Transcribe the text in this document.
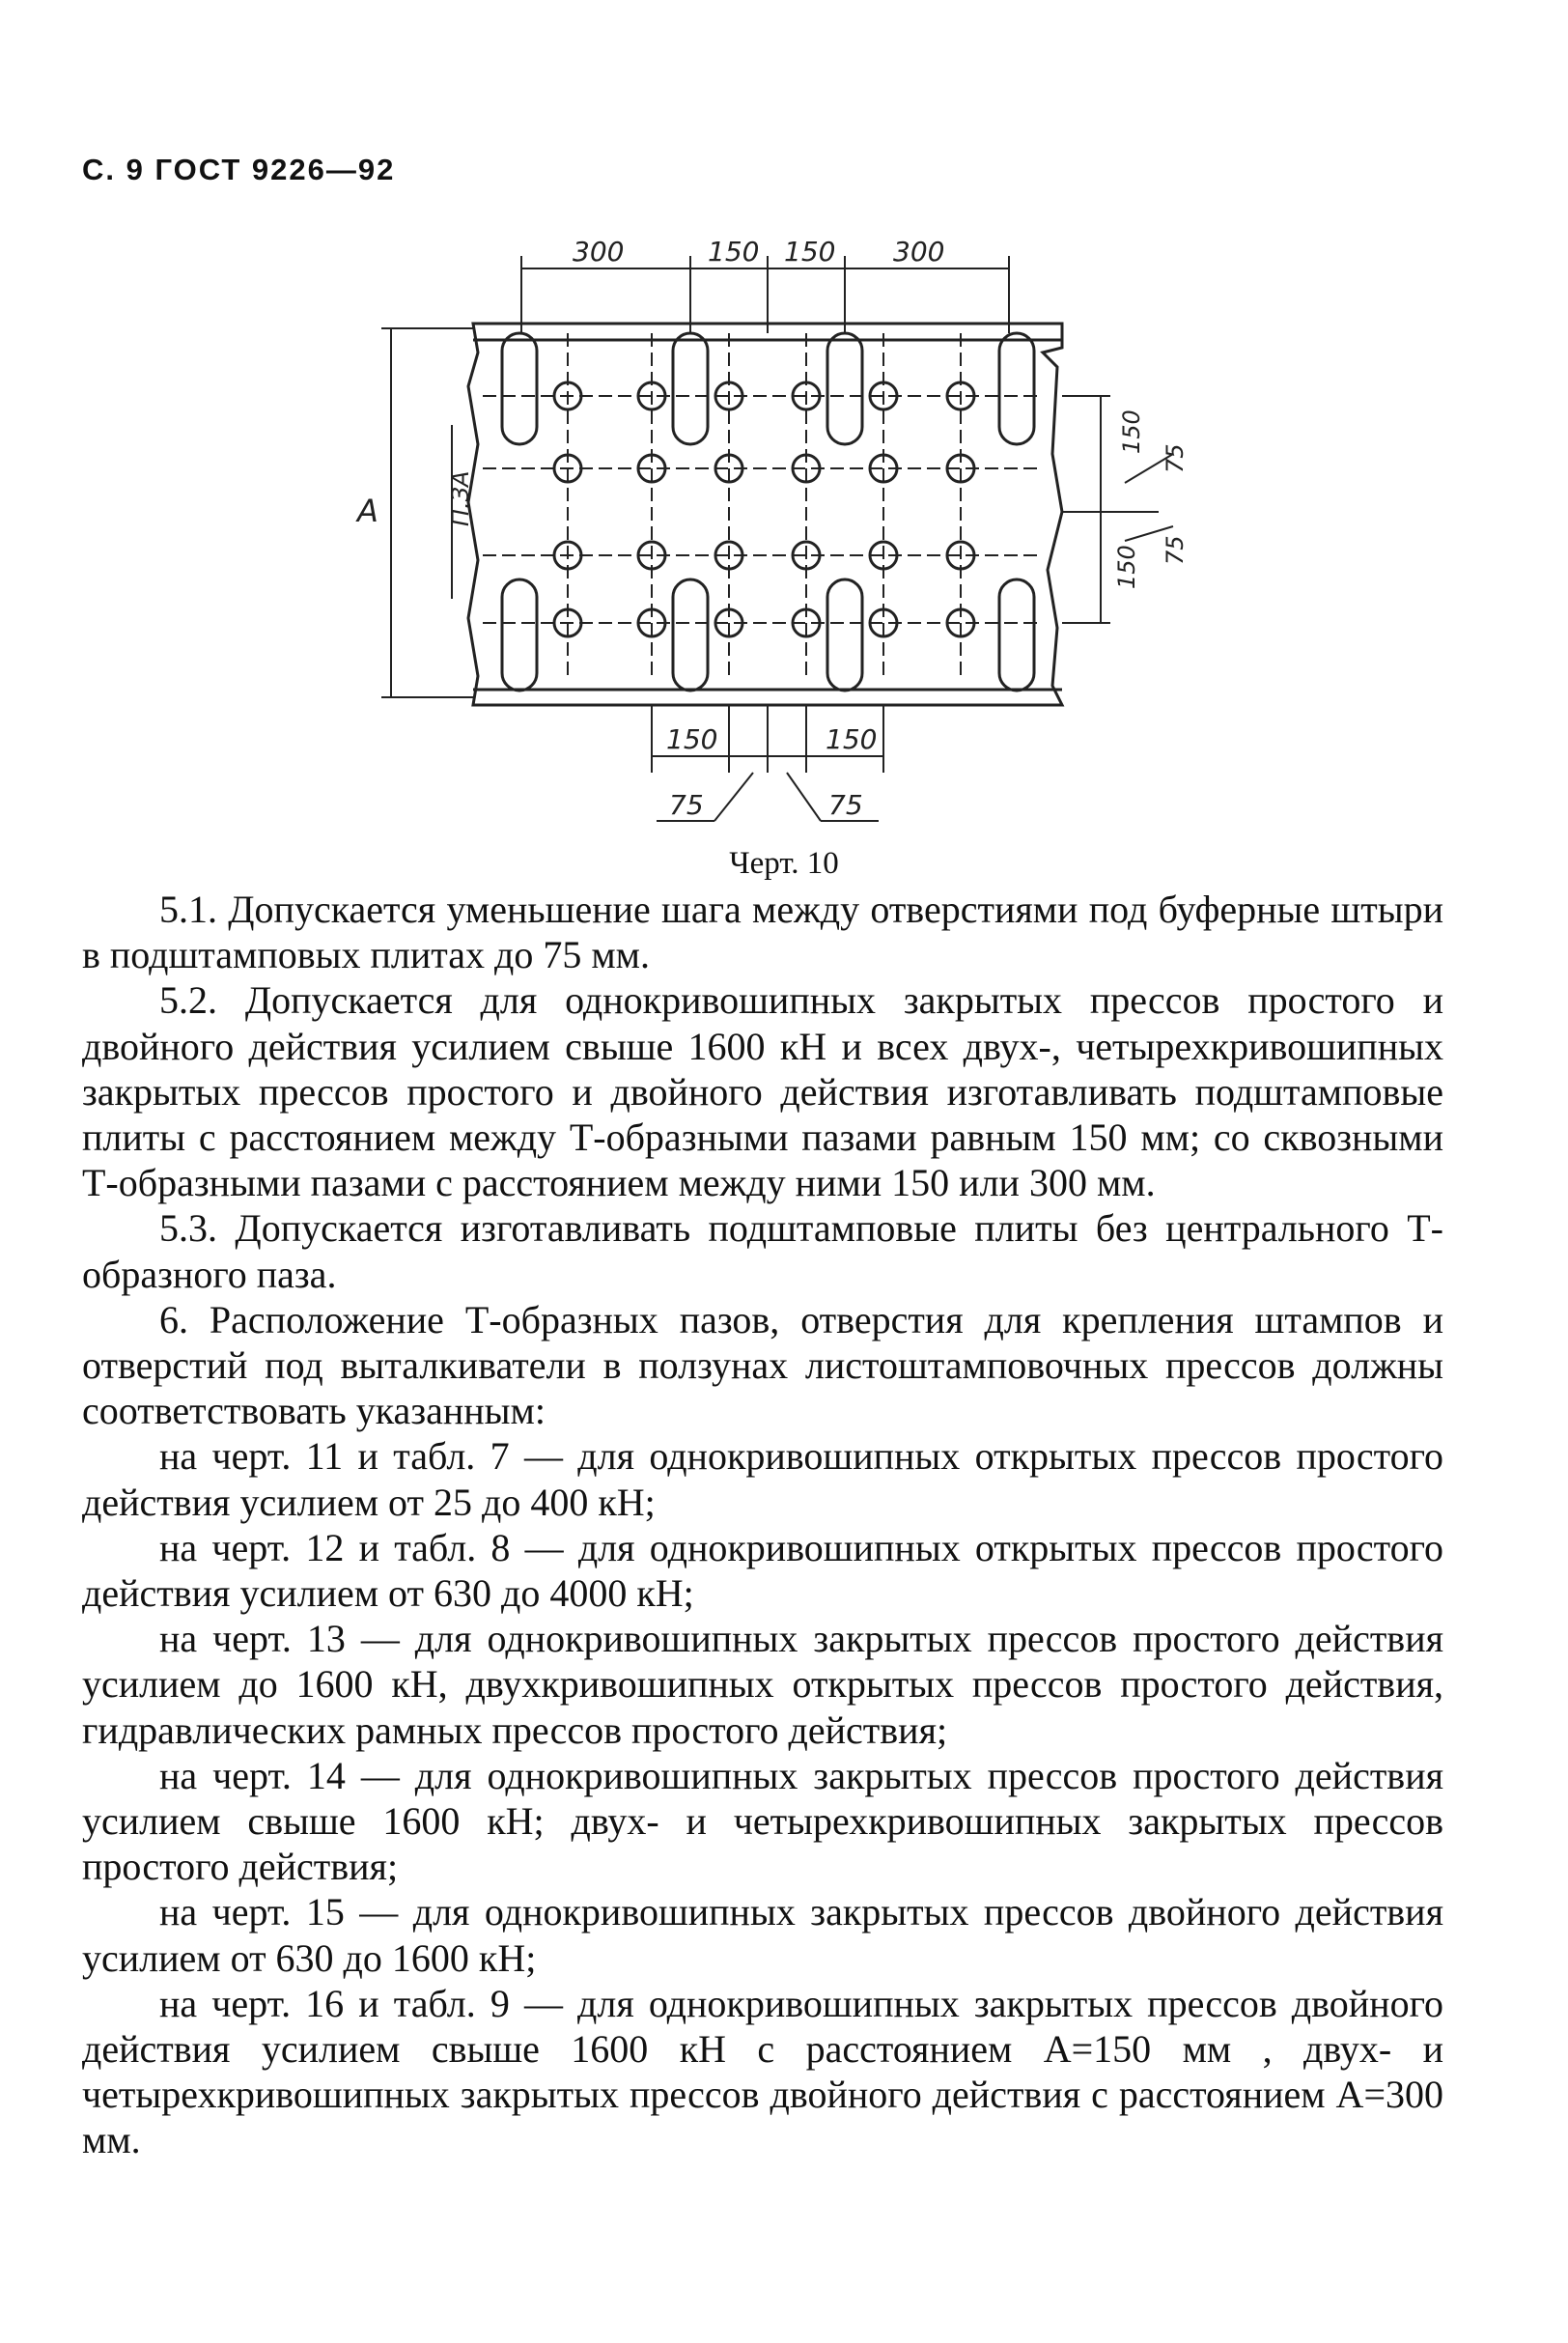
С. 9 ГОСТ 9226—92
300	150 150 300
A	П.ЗА
150
75
150 75
150	150
75	75
Черт. 10

5.1. Допускается уменьшение шага между отверстиями под буферные штыри в подштамповых плитах до 75 мм.

5.2. Допускается для однокривошипных закрытых прессов простого и двойного действия усилием свыше 1600 кН и всех двух-, четырехкривошипных закрытых прессов простого и двойного действия изготавливать подштамповые плиты с расстоянием между Т-образными пазами равным 150 мм; со сквозными Т-образными пазами с расстоянием между ними 150 или 300 мм.

5.3. Допускается изготавливать подштамповые плиты без центрального Т-образного паза.

6. Расположение Т-образных пазов, отверстия для крепления штампов и отверстий под выталкиватели в ползунах листоштамповочных прессов должны соответствовать указанным:

на черт. 11 и табл. 7 — для однокривошипных открытых прессов простого действия усилием от 25 до 400 кН;

на черт. 12 и табл. 8 — для однокривошипных открытых прессов простого действия усилием от 630 до 4000 кН;

на черт. 13 — для однокривошипных закрытых прессов простого действия усилием до 1600 кН, двухкривошипных открытых прессов простого действия, гидравлических рамных прессов простого действия;

на черт. 14 — для однокривошипных закрытых прессов простого действия усилием свыше 1600 кН; двух- и четырехкривошипных закрытых прессов простого действия;

на черт. 15 — для однокривошипных закрытых прессов двойного действия усилием от 630 до 1600 кН;

на черт. 16 и табл. 9 — для однокривошипных закрытых прессов двойного действия усилием свыше 1600 кН с расстоянием A=150 мм , двух- и четырехкривошипных закрытых прессов двойного действия с расстоянием A=300 мм.
